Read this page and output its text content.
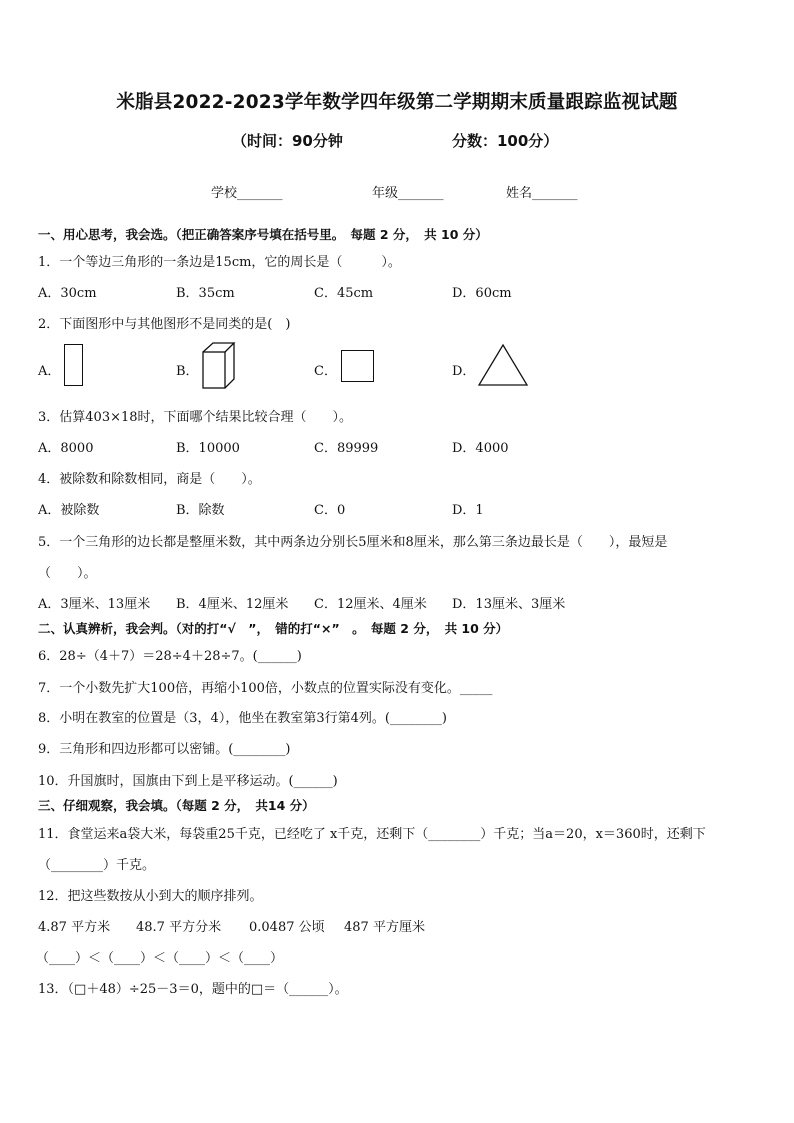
米脂县2022-2023学年数学四年级第二学期期末质量跟踪监视试题
（时间：90分钟	分数：100分）
学校_______	年级_______	姓名_______
一、用心思考，我会选。（把正确答案序号填在括号里。　每题 2 分，　共 10 分）
1．一个等边三角形的一条边是15cm，它的周长是（　　　）。
A．30cm	B．35cm	C．45cm	D．60cm
2．下面图形中与其他图形不是同类的是(　)
A．	B．	C．	D．
3．估算403×18时，下面哪个结果比较合理（　　）。
A．8000	B．10000	C．89999	D．4000
4．被除数和除数相同，商是（　　）。
A．被除数	B．除数	C．0	D．1
5．一个三角形的边长都是整厘米数，其中两条边分别长5厘米和8厘米，那么第三条边最长是（　　），最短是
（　　）。
A．3厘米、13厘米 B．4厘米、12厘米 C．12厘米、4厘米 D．13厘米、3厘米
二、认真辨析，我会判。（对的打“√　”，　错的打“×”　。　每题 2 分，　共 10 分）
6．28÷（4＋7）＝28÷4＋28÷7。(______)
7．一个小数先扩大100倍，再缩小100倍，小数点的位置实际没有变化。_____
8．小明在教室的位置是（3，4），他坐在教室第3行第4列。(________)
9．三角形和四边形都可以密铺。(________)
10．升国旗时，国旗由下到上是平移运动。(______)
三、仔细观察，我会填。（每题 2 分，　共14 分）
11．食堂运来a袋大米，每袋重25千克，已经吃了 x千克，还剩下（________）千克；当a＝20，x＝360时，还剩下
（________）千克。
12．把这些数按从小到大的顺序排列。
4.87 平方米 48.7 平方分米 0.0487 公顷 487 平方厘米
（____）＜（____）＜（____）＜（____）
13．（□＋48）÷25－3＝0，题中的□＝（______）。
